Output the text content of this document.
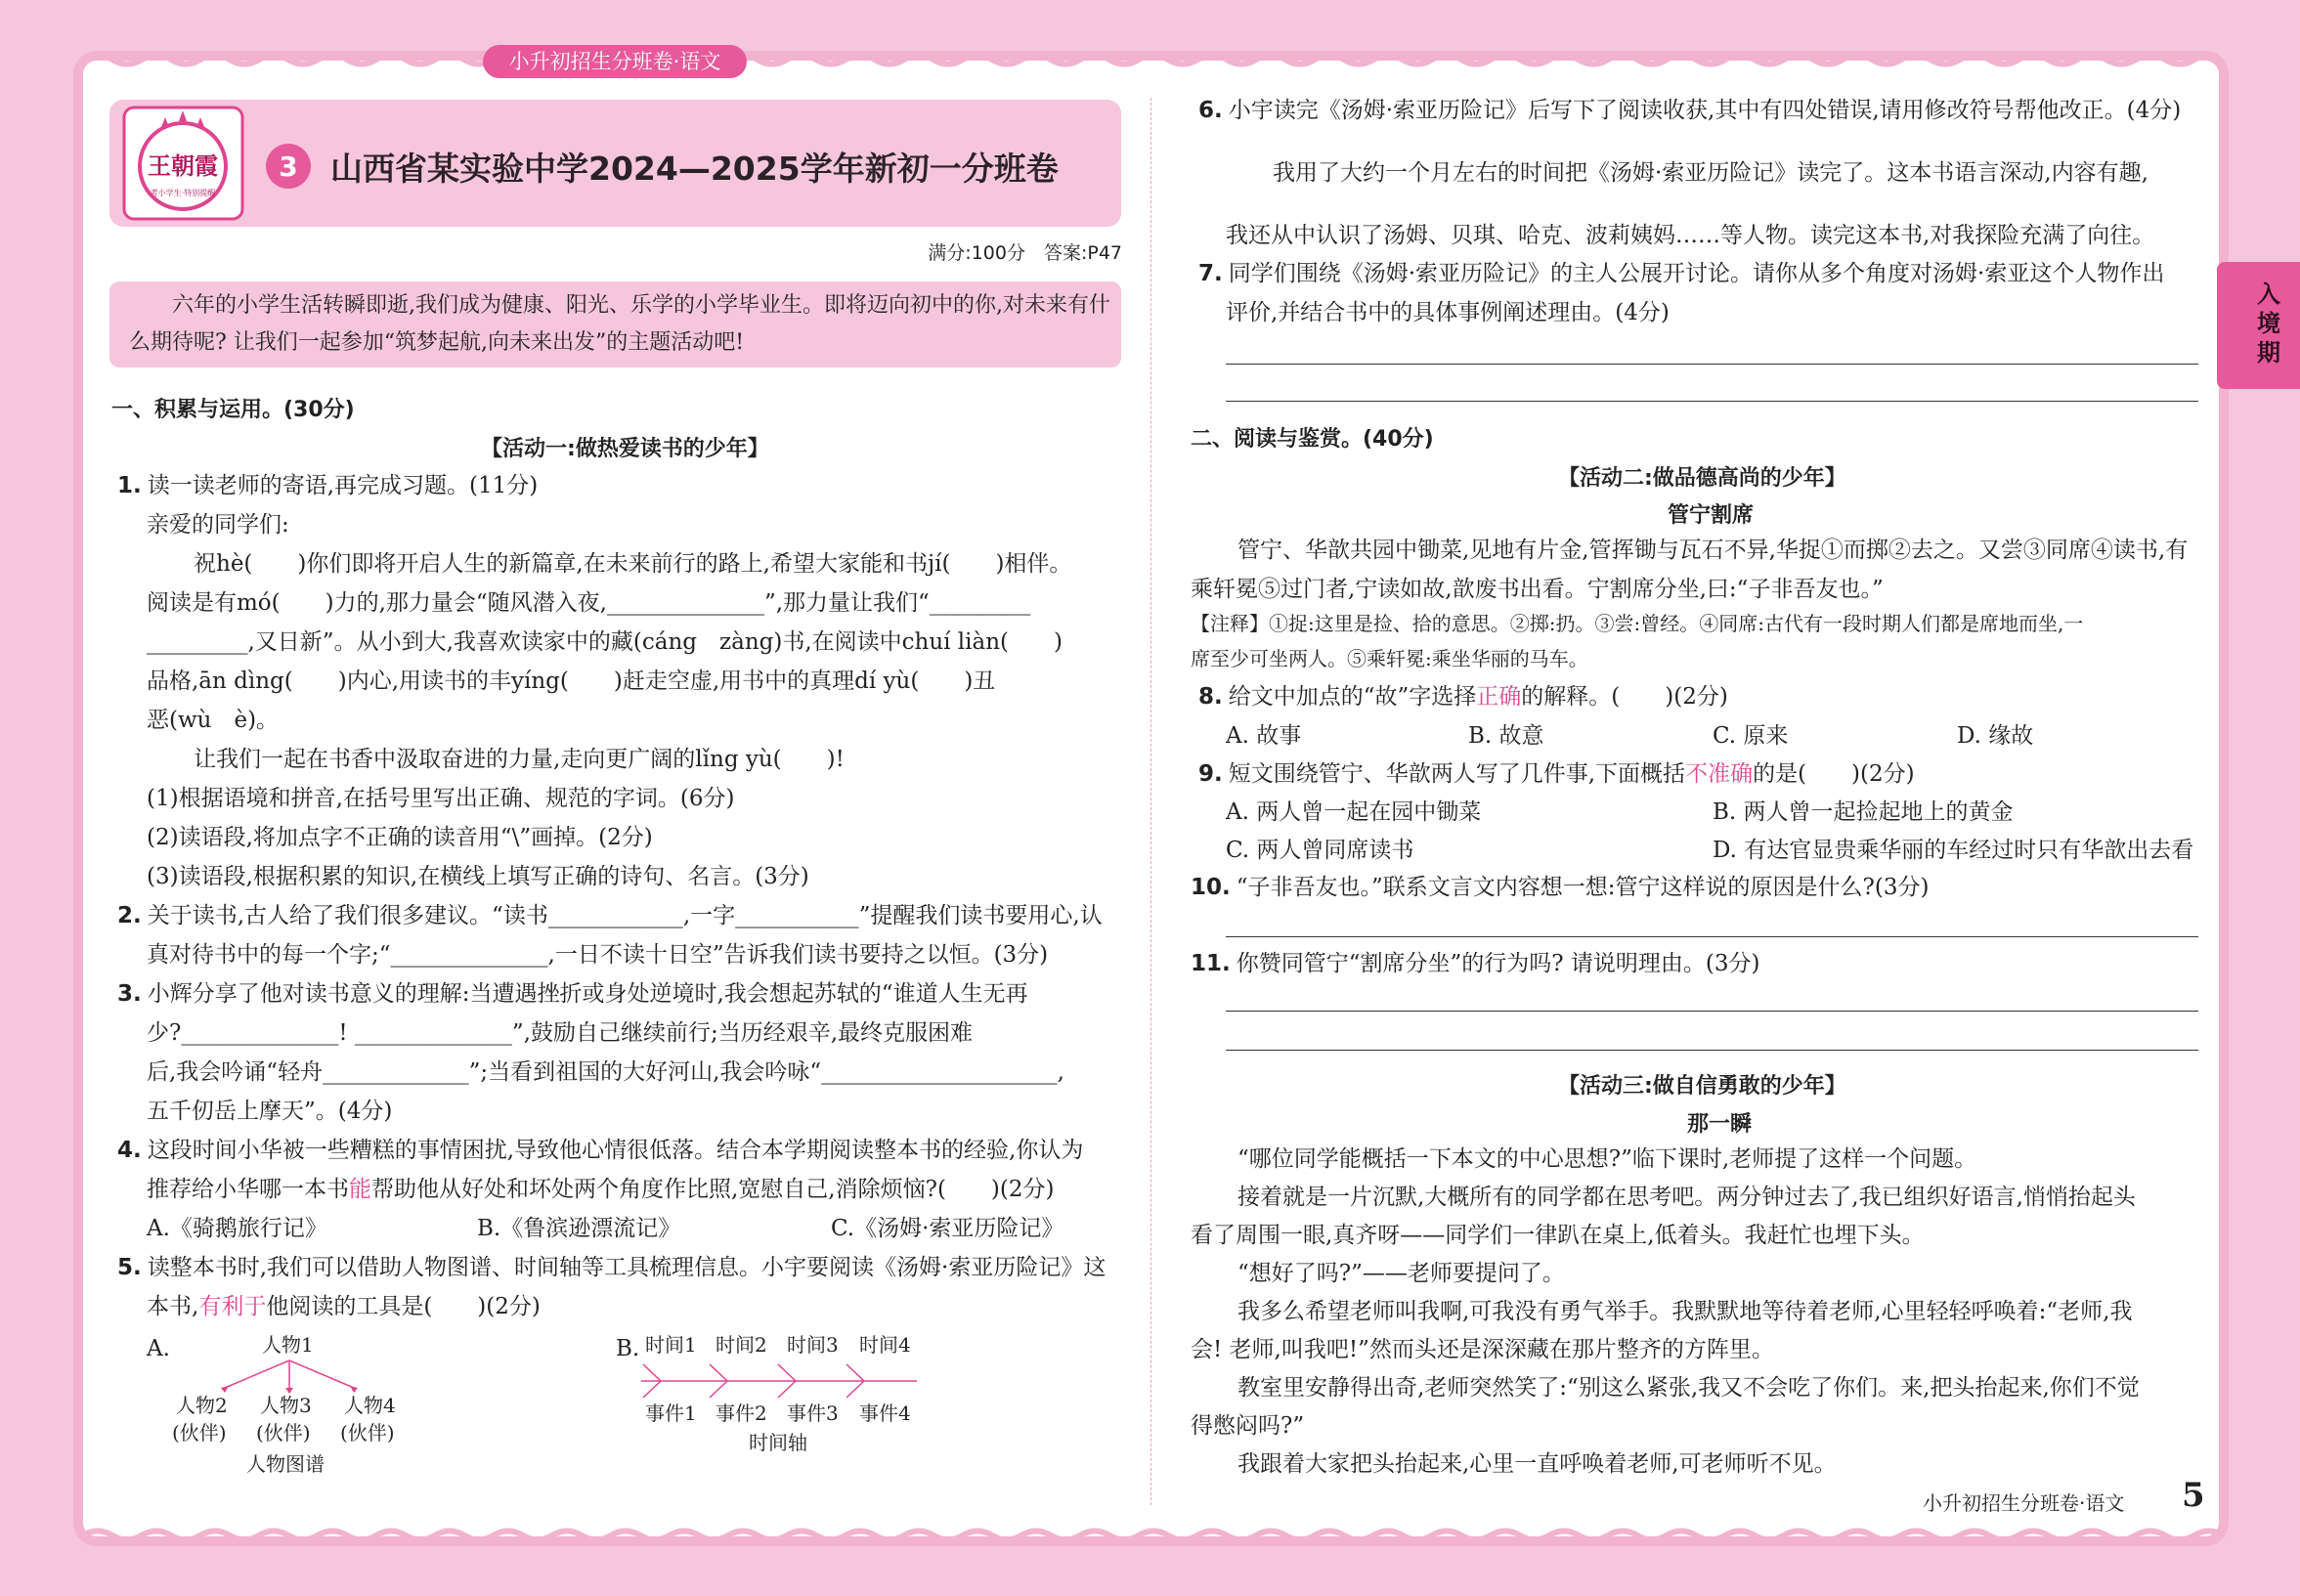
小升初招生分班卷·语文
王朝霞
考小学生·特别提醒
3	山西省某实验中学2024—2025学年新初一分班卷
满分:100分　答案:P47
六年的小学生活转瞬即逝,我们成为健康、阳光、乐学的小学毕业生。即将迈向初中的你,对未来有什么期待呢? 让我们一起参加“筑梦起航,向未来出发”的主题活动吧!
一、积累与运用。(30分)
【活动一:做热爱读书的少年】
1. 读一读老师的寄语,再完成习题。(11分)
亲爱的同学们:
祝hè(　　)你们即将开启人生的新篇章,在未来前行的路上,希望大家能和书jí(　　)相伴。
阅读是有mó(　　)力的,那力量会“随风潜入夜,______________”,那力量让我们“_________
_________,又日新”。从小到大,我喜欢读家中的藏(cáng　zàng)书,在阅读中chuí liàn(　　)
品格,ān dìng(　　)内心,用读书的丰yíng(　　)赶走空虚,用书中的真理dí yù(　　)丑
恶(wù　è)。
让我们一起在书香中汲取奋进的力量,走向更广阔的lǐng yù(　　)!
(1)根据语境和拼音,在括号里写出正确、规范的字词。(6分)
(2)读语段,将加点字不正确的读音用“\”画掉。(2分)
(3)读语段,根据积累的知识,在横线上填写正确的诗句、名言。(3分)
2. 关于读书,古人给了我们很多建议。“读书____________,一字___________”提醒我们读书要用心,认
真对待书中的每一个字;“______________,一日不读十日空”告诉我们读书要持之以恒。(3分)
3. 小辉分享了他对读书意义的理解:当遭遇挫折或身处逆境时,我会想起苏轼的“谁道人生无再
少?______________! ______________”,鼓励自己继续前行;当历经艰辛,最终克服困难
后,我会吟诵“轻舟_____________”;当看到祖国的大好河山,我会吟咏“_____________________,
五千仞岳上摩天”。(4分)
4. 这段时间小华被一些糟糕的事情困扰,导致他心情很低落。结合本学期阅读整本书的经验,你认为
推荐给小华哪一本书能帮助他从好处和坏处两个角度作比照,宽慰自己,消除烦恼?(　　)(2分)
A.《骑鹅旅行记》	B.《鲁滨逊漂流记》	C.《汤姆·索亚历险记》
5. 读整本书时,我们可以借助人物图谱、时间轴等工具梳理信息。小宇要阅读《汤姆·索亚历险记》这
本书,有利于他阅读的工具是(　　)(2分)
A.	人物1
人物2 人物3 人物4
(伙伴) (伙伴) (伙伴)
人物图谱
B. 时间1 时间2 时间3 时间4
事件1 事件2 事件3 事件4
时间轴
6. 小宇读完《汤姆·索亚历险记》后写下了阅读收获,其中有四处错误,请用修改符号帮他改正。(4分)
我用了大约一个月左右的时间把《汤姆·索亚历险记》读完了。这本书语言深动,内容有趣,
我还从中认识了汤姆、贝琪、哈克、波莉姨妈……等人物。读完这本书,对我探险充满了向往。
7. 同学们围绕《汤姆·索亚历险记》的主人公展开讨论。请你从多个角度对汤姆·索亚这个人物作出
评价,并结合书中的具体事例阐述理由。(4分)
二、阅读与鉴赏。(40分)
【活动二:做品德高尚的少年】
管宁割席
管宁、华歆共园中锄菜,见地有片金,管挥锄与瓦石不异,华捉①而掷②去之。又尝③同席④读书,有
乘轩冕⑤过门者,宁读如故,歆废书出看。宁割席分坐,曰:“子非吾友也。”
【注释】①捉:这里是捡、拾的意思。②掷:扔。③尝:曾经。④同席:古代有一段时期人们都是席地而坐,一
席至少可坐两人。⑤乘轩冕:乘坐华丽的马车。
8. 给文中加点的“故”字选择正确的解释。(　　)(2分)
A. 故事	B. 故意	C. 原来	D. 缘故
9. 短文围绕管宁、华歆两人写了几件事,下面概括不准确的是(　　)(2分)
A. 两人曾一起在园中锄菜	B. 两人曾一起捡起地上的黄金
C. 两人曾同席读书	D. 有达官显贵乘华丽的车经过时只有华歆出去看
10. “子非吾友也。”联系文言文内容想一想:管宁这样说的原因是什么?(3分)
11. 你赞同管宁“割席分坐”的行为吗? 请说明理由。(3分)
【活动三:做自信勇敢的少年】
那一瞬
“哪位同学能概括一下本文的中心思想?”临下课时,老师提了这样一个问题。
接着就是一片沉默,大概所有的同学都在思考吧。两分钟过去了,我已组织好语言,悄悄抬起头
看了周围一眼,真齐呀——同学们一律趴在桌上,低着头。我赶忙也埋下头。
“想好了吗?”——老师要提问了。
我多么希望老师叫我啊,可我没有勇气举手。我默默地等待着老师,心里轻轻呼唤着:“老师,我
会! 老师,叫我吧!”然而头还是深深藏在那片整齐的方阵里。
教室里安静得出奇,老师突然笑了:“别这么紧张,我又不会吃了你们。来,把头抬起来,你们不觉
得憋闷吗?”
我跟着大家把头抬起来,心里一直呼唤着老师,可老师听不见。
入境期
小升初招生分班卷·语文 5
